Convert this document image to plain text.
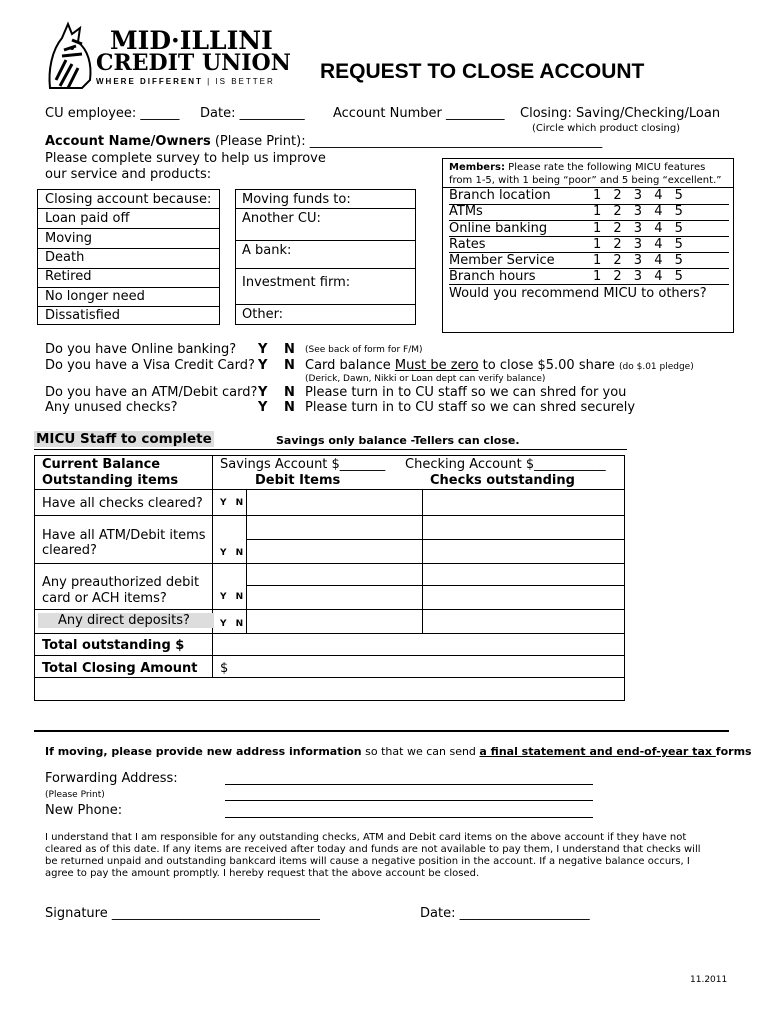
MID·ILLINI
CREDIT UNION
WHERE DIFFERENT | IS BETTER REQUEST TO CLOSE ACCOUNT
CU employee: ______ Date: __________ Account Number _________ Closing: Saving/Checking/Loan
(Circle which product closing)
Account Name/Owners (Please Print): _____________________________________________
Please complete survey to help us improve
our service and products:
Closing account because:
Loan paid off
Moving
Death
Retired
No longer need
Dissatisfied
Moving funds to:
Another CU:
A bank:
Investment firm:
Other:
Members: Please rate the following MICU features
from 1-5, with 1 being “poor” and 5 being “excellent.”
Branch location	1 2 3 4 5
ATMs	1 2 3 4 5
Online banking	1 2 3 4 5
Rates	1 2 3 4 5
Member Service	1 2 3 4 5
Branch hours	1 2 3 4 5
Would you recommend MICU to others?
Do you have Online banking? Y N (See back of form for F/M)
Do you have a Visa Credit Card? Y N Card balance Must be zero to close $5.00 share (do $.01 pledge)
(Derick, Dawn, Nikki or Loan dept can verify balance)
Do you have an ATM/Debit card? Y N Please turn in to CU staff so we can shred for you
Any unused checks?	Y N Please turn in to CU staff so we can shred securely
MICU Staff to complete	Savings only balance -Tellers can close.
Current Balance	Savings Account $_______ Checking Account $___________
Outstanding items	Debit Items	Checks outstanding
Have all checks cleared? Y N
Have all ATM/Debit items
cleared?	Y N
Any preauthorized debit
card or ACH items?	Y N
Any direct deposits?	Y N
Total outstanding $
Total Closing Amount $
If moving, please provide new address information so that we can send a final statement and end-of-year tax forms
Forwarding Address:
(Please Print)
New Phone:
I understand that I am responsible for any outstanding checks, ATM and Debit card items on the above account if they have not
cleared as of this date. If any items are received after today and funds are not available to pay them, I understand that checks will
be returned unpaid and outstanding bankcard items will cause a negative position in the account. If a negative balance occurs, I
agree to pay the amount promptly. I hereby request that the above account be closed.
Signature ________________________________	Date: ____________________
11.2011
